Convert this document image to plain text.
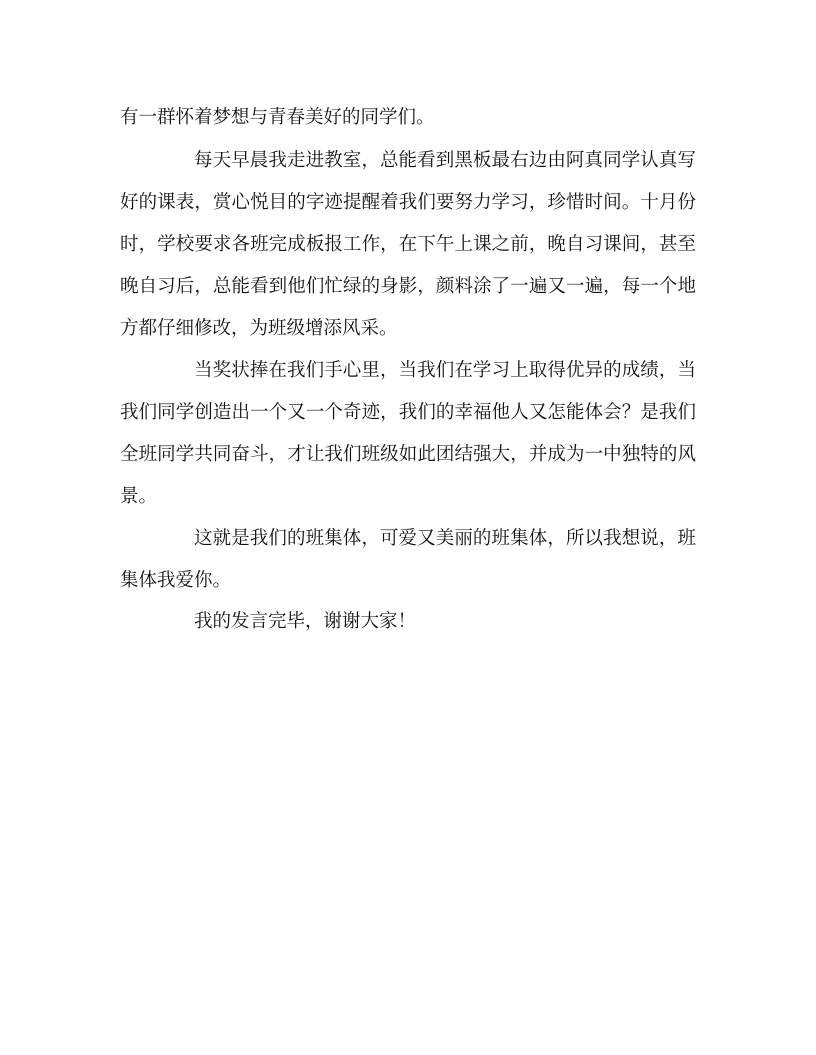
有一群怀着梦想与青春美好的同学们。
每天早晨我走进教室，总能看到黑板最右边由阿真同学认真写
好的课表，赏心悦目的字迹提醒着我们要努力学习，珍惜时间。十月份
时，学校要求各班完成板报工作，在下午上课之前，晚自习课间，甚至
晚自习后，总能看到他们忙绿的身影，颜料涂了一遍又一遍，每一个地
方都仔细修改，为班级增添风采。
当奖状捧在我们手心里，当我们在学习上取得优异的成绩，当
我们同学创造出一个又一个奇迹，我们的幸福他人又怎能体会？是我们
全班同学共同奋斗，才让我们班级如此团结强大，并成为一中独特的风
景。
这就是我们的班集体，可爱又美丽的班集体，所以我想说，班
集体我爱你。
我的发言完毕，谢谢大家！
